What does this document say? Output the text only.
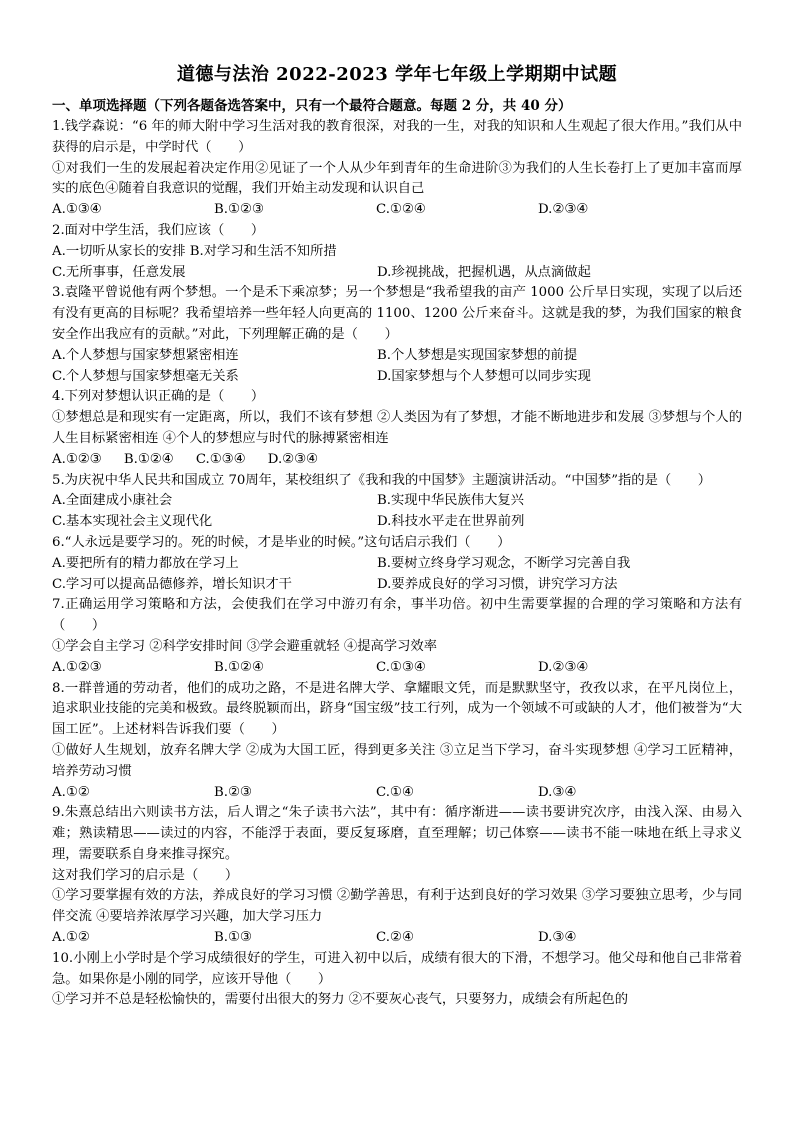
道德与法治 2022-2023 学年七年级上学期期中试题
一、单项选择题（下列各题备选答案中，只有一个最符合题意。每题 2 分，共 40 分）
1.钱学森说：“6 年的师大附中学习生活对我的教育很深，对我的一生，对我的知识和人生观起了很大作用。”我们从中获得的启示是，中学时代（　　）
①对我们一生的发展起着决定作用②见证了一个人从少年到青年的生命进阶③为我们的人生长卷打上了更加丰富而厚实的底色④随着自我意识的觉醒，我们开始主动发现和认识自己
A.①③④	B.①②③	C.①②④	D.②③④
2.面对中学生活，我们应该（　　）
A.一切听从家长的安排 B.对学习和生活不知所措
C.无所事事，任意发展	D.珍视挑战，把握机遇，从点滴做起
3.袁隆平曾说他有两个梦想。一个是禾下乘凉梦；另一个梦想是“我希望我的亩产 1000 公斤早日实现，实现了以后还有没有更高的目标呢？我希望培养一些年轻人向更高的 1100、1200 公斤来奋斗。这就是我的梦，为我们国家的粮食安全作出我应有的贡献。”对此，下列理解正确的是（　　）
A.个人梦想与国家梦想紧密相连	B.个人梦想是实现国家梦想的前提
C.个人梦想与国家梦想毫无关系	D.国家梦想与个人梦想可以同步实现
4.下列对梦想认识正确的是（　　）
①梦想总是和现实有一定距离，所以，我们不该有梦想 ②人类因为有了梦想，才能不断地进步和发展 ③梦想与个人的人生目标紧密相连 ④个人的梦想应与时代的脉搏紧密相连
A.①②③ B.①②④ C.①③④ D.②③④
5.为庆祝中华人民共和国成立 70周年，某校组织了《我和我的中国梦》主题演讲活动。“中国梦”指的是（　　）
A.全面建成小康社会	B.实现中华民族伟大复兴
C.基本实现社会主义现代化	D.科技水平走在世界前列
6.“人永远是要学习的。死的时候，才是毕业的时候。”这句话启示我们（　　）
A.要把所有的精力都放在学习上	B.要树立终身学习观念，不断学习完善自我
C.学习可以提高品德修养，增长知识才干	D.要养成良好的学习习惯，讲究学习方法
7.正确运用学习策略和方法，会使我们在学习中游刃有余，事半功倍。初中生需要掌握的合理的学习策略和方法有（　　）
①学会自主学习 ②科学安排时间 ③学会避重就轻 ④提高学习效率
A.①②③	B.①②④	C.①③④	D.②③④
8.一群普通的劳动者，他们的成功之路，不是进名牌大学、拿耀眼文凭，而是默默坚守，孜孜以求，在平凡岗位上，追求职业技能的完美和极致。最终脱颖而出，跻身“国宝级”技工行列，成为一个领域不可或缺的人才，他们被誉为“大国工匠”。上述材料告诉我们要（　　）
①做好人生规划，放弃名牌大学 ②成为大国工匠，得到更多关注 ③立足当下学习，奋斗实现梦想 ④学习工匠精神，培养劳动习惯
A.①②	B.②③	C.①④	D.③④
9.朱熹总结出六则读书方法，后人谓之“朱子读书六法”，其中有：循序渐进——读书要讲究次序，由浅入深、由易入难；熟读精思——读过的内容，不能浮于表面，要反复琢磨，直至理解；切己体察——读书不能一味地在纸上寻求义理，需要联系自身来推寻探究。
这对我们学习的启示是（　　）
①学习要掌握有效的方法，养成良好的学习习惯 ②勤学善思，有利于达到良好的学习效果 ③学习要独立思考，少与同伴交流 ④要培养浓厚学习兴趣，加大学习压力
A.①②	B.①③	C.②④	D.③④
10.小刚上小学时是个学习成绩很好的学生，可进入初中以后，成绩有很大的下滑，不想学习。他父母和他自己非常着急。如果你是小刚的同学，应该开导他（　　）
①学习并不总是轻松愉快的，需要付出很大的努力 ②不要灰心丧气，只要努力，成绩会有所起色的
